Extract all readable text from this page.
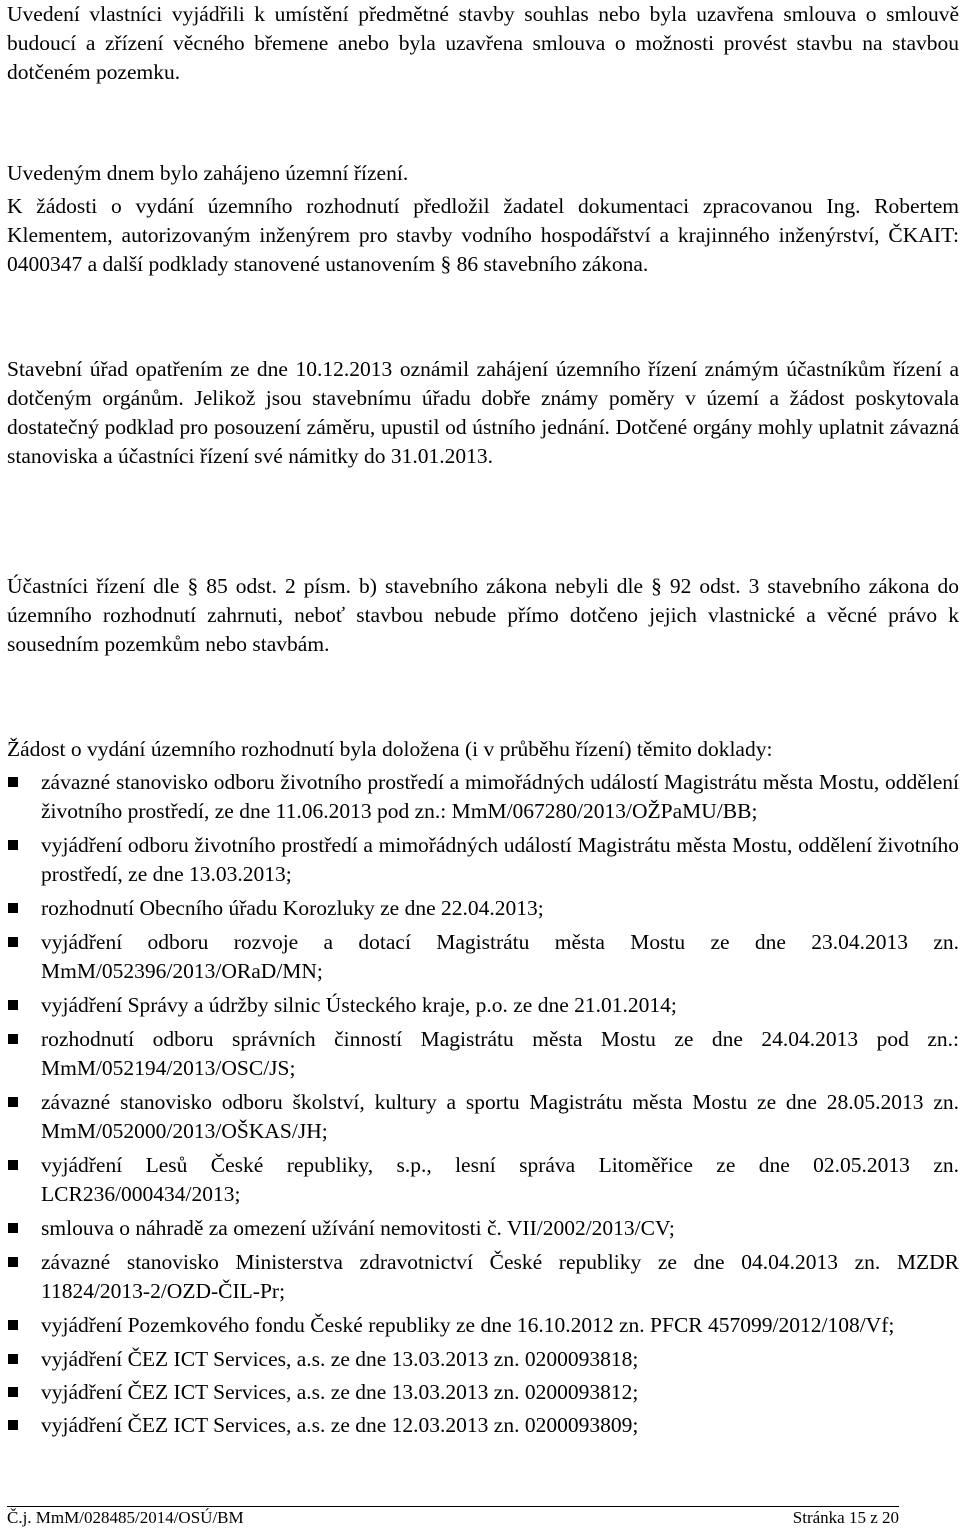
Uvedení vlastníci vyjádřili k umístění předmětné stavby souhlas nebo byla uzavřena smlouva o smlouvě budoucí a zřízení věcného břemene anebo byla uzavřena smlouva o možnosti provést stavbu na stavbou dotčeném pozemku.

Uvedeným dnem bylo zahájeno územní řízení.

K žádosti o vydání územního rozhodnutí předložil žadatel dokumentaci zpracovanou Ing. Robertem Klementem, autorizovaným inženýrem pro stavby vodního hospodářství a krajinného inženýrství, ČKAIT: 0400347 a další podklady stanovené ustanovením § 86 stavebního zákona.

Stavební úřad opatřením ze dne 10.12.2013 oznámil zahájení územního řízení známým účastníkům řízení a dotčeným orgánům. Jelikož jsou stavebnímu úřadu dobře známy poměry v území a žádost poskytovala dostatečný podklad pro posouzení záměru, upustil od ústního jednání. Dotčené orgány mohly uplatnit závazná stanoviska a účastníci řízení své námitky do 31.01.2013.

Účastníci řízení dle § 85 odst. 2 písm. b) stavebního zákona nebyli dle § 92 odst. 3 stavebního zákona do územního rozhodnutí zahrnuti, neboť stavbou nebude přímo dotčeno jejich vlastnické a věcné právo k sousedním pozemkům nebo stavbám.

Žádost o vydání územního rozhodnutí byla doložena (i v průběhu řízení) těmito doklady:

závazné stanovisko odboru životního prostředí a mimořádných událostí Magistrátu města Mostu, oddělení životního prostředí, ze dne 11.06.2013 pod zn.: MmM/067280/2013/OŽPaMU/BB;
vyjádření odboru životního prostředí a mimořádných událostí Magistrátu města Mostu, oddělení životního prostředí, ze dne 13.03.2013;
rozhodnutí Obecního úřadu Korozluky ze dne 22.04.2013;
vyjádření odboru rozvoje a dotací Magistrátu města Mostu ze dne 23.04.2013 zn. MmM/052396/2013/ORaD/MN;
vyjádření Správy a údržby silnic Ústeckého kraje, p.o. ze dne 21.01.2014;
rozhodnutí odboru správních činností Magistrátu města Mostu ze dne 24.04.2013 pod zn.: MmM/052194/2013/OSC/JS;
závazné stanovisko odboru školství, kultury a sportu Magistrátu města Mostu ze dne 28.05.2013 zn. MmM/052000/2013/OŠKAS/JH;
vyjádření Lesů České republiky, s.p., lesní správa Litoměřice ze dne 02.05.2013 zn. LCR236/000434/2013;
smlouva o náhradě za omezení užívání nemovitosti č. VII/2002/2013/CV;
závazné stanovisko Ministerstva zdravotnictví České republiky ze dne 04.04.2013 zn. MZDR 11824/2013-2/OZD-ČIL-Pr;
vyjádření Pozemkového fondu České republiky ze dne 16.10.2012 zn. PFCR 457099/2012/108/Vf;
vyjádření ČEZ ICT Services, a.s. ze dne 13.03.2013 zn. 0200093818;
vyjádření ČEZ ICT Services, a.s. ze dne 13.03.2013 zn. 0200093812;
vyjádření ČEZ ICT Services, a.s. ze dne 12.03.2013 zn. 0200093809;
Č.j. MmM/028485/2014/OSÚ/BM	Stránka 15 z 20
